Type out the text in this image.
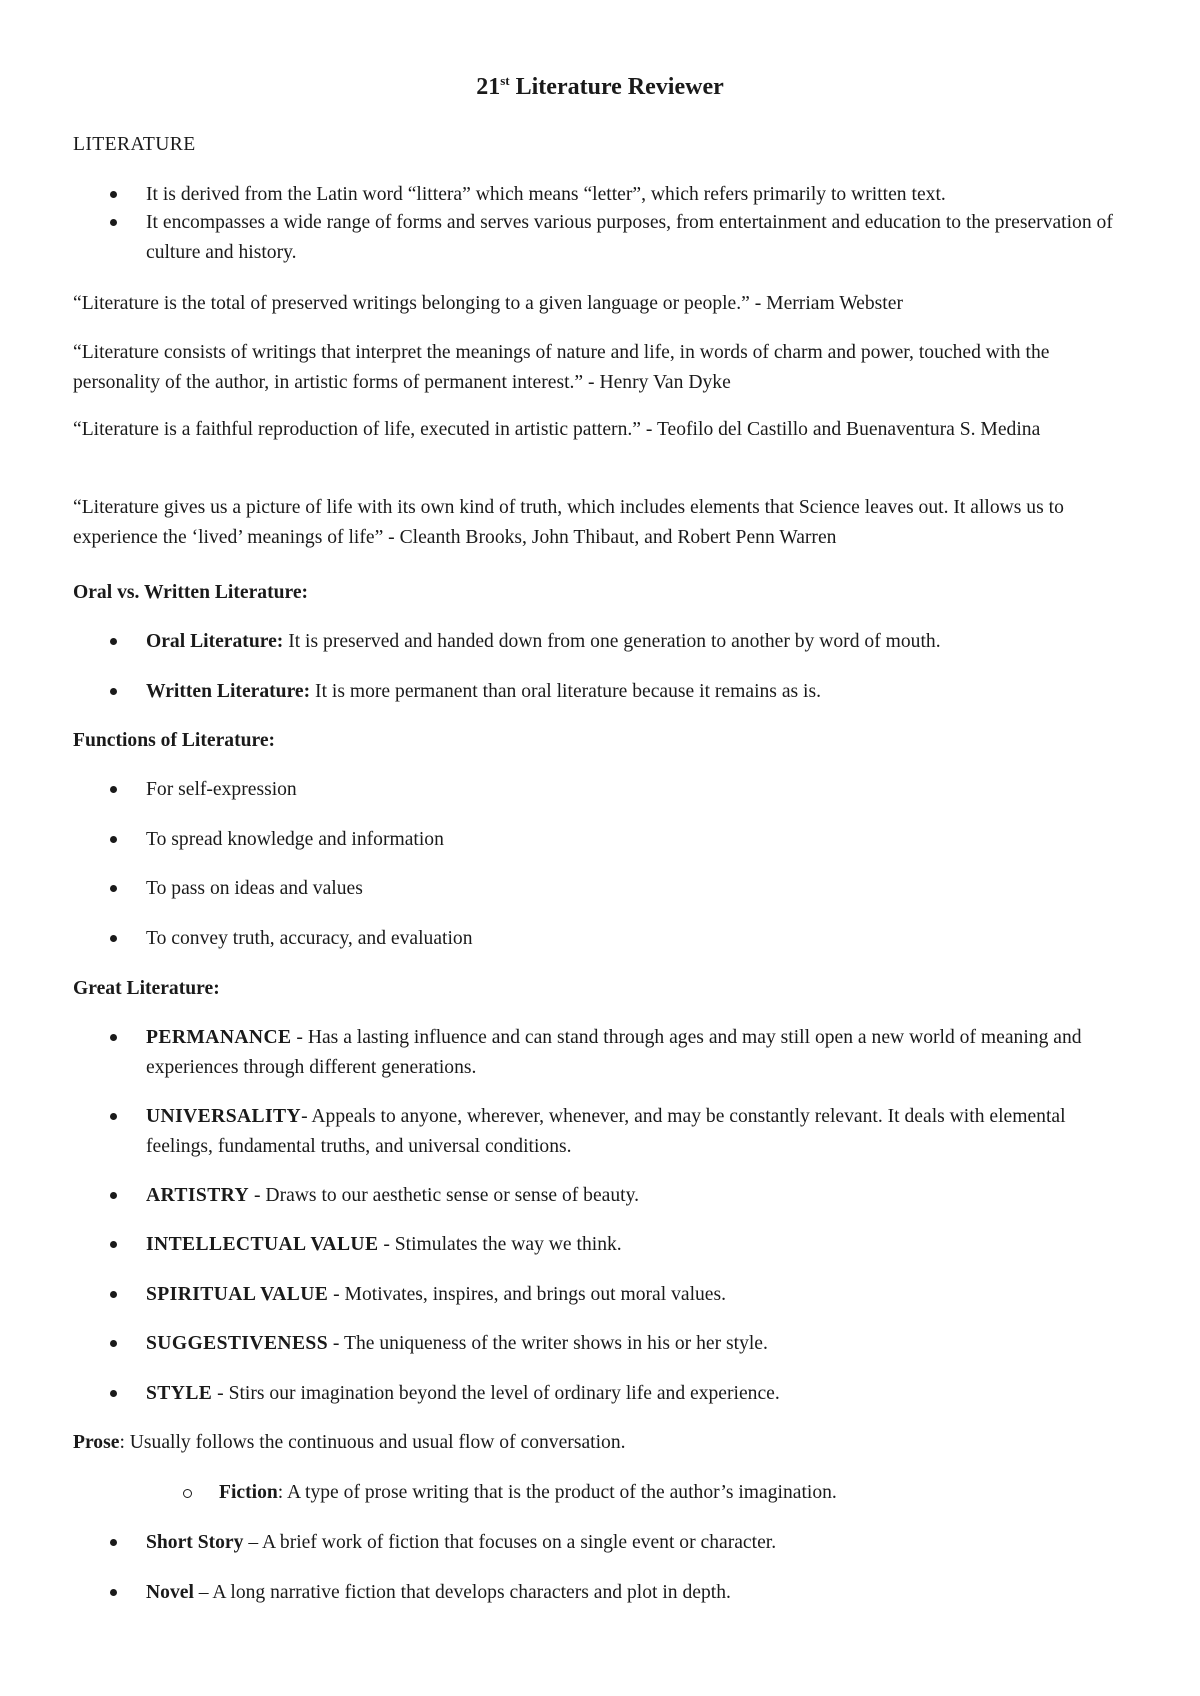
21st Literature Reviewer

LITERATURE

It is derived from the Latin word “littera” which means “letter”, which refers primarily to written text.

It encompasses a wide range of forms and serves various purposes, from entertainment and education to the preservation of culture and history.

“Literature is the total of preserved writings belonging to a given language or people.” - Merriam Webster

“Literature consists of writings that interpret the meanings of nature and life, in words of charm and power, touched with the personality of the author, in artistic forms of permanent interest.” - Henry Van Dyke

“Literature is a faithful reproduction of life, executed in artistic pattern.” - Teofilo del Castillo and Buenaventura S. Medina

“Literature gives us a picture of life with its own kind of truth, which includes elements that Science leaves out. It allows us to experience the ‘lived’ meanings of life” - Cleanth Brooks, John Thibaut, and Robert Penn Warren

Oral vs. Written Literature:

Oral Literature: It is preserved and handed down from one generation to another by word of mouth.

Written Literature: It is more permanent than oral literature because it remains as is.

Functions of Literature:

For self-expression

To spread knowledge and information

To pass on ideas and values

To convey truth, accuracy, and evaluation

Great Literature:

PERMANANCE - Has a lasting influence and can stand through ages and may still open a new world of meaning and experiences through different generations.

UNIVERSALITY- Appeals to anyone, wherever, whenever, and may be constantly relevant. It deals with elemental feelings, fundamental truths, and universal conditions.

ARTISTRY - Draws to our aesthetic sense or sense of beauty.

INTELLECTUAL VALUE - Stimulates the way we think.

SPIRITUAL VALUE - Motivates, inspires, and brings out moral values.

SUGGESTIVENESS - The uniqueness of the writer shows in his or her style.

STYLE - Stirs our imagination beyond the level of ordinary life and experience.

Prose: Usually follows the continuous and usual flow of conversation.

Fiction: A type of prose writing that is the product of the author’s imagination.

Short Story – A brief work of fiction that focuses on a single event or character.

Novel – A long narrative fiction that develops characters and plot in depth.
